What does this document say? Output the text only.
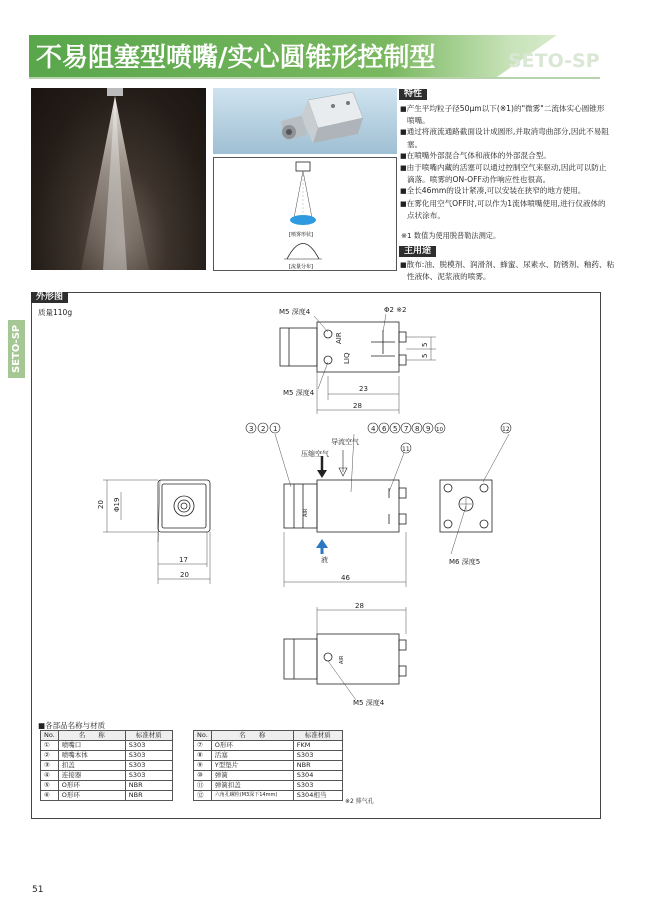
不易阻塞型喷嘴/实心圆锥形控制型	SETO-SP
SETO-SP
[喷雾形状]
[流量分布]
特性
■ 产生平均粒子径50µm以下(※1)的"微雾"二流体实心圆锥形喷嘴。
■ 通过将液流通路截面设计成圆形,并取消弯曲部分,因此不易阻塞。
■ 在喷嘴外部混合气体和液体的外部混合型。
■ 由于喷嘴内藏的活塞可以通过控制空气来驱动,因此可以防止滴落。喷雾的ON-OFF动作响应性也很高。
■ 全长46mm的设计紧凑,可以安装在狭窄的地方使用。
■ 在雾化用空气OFF时,可以作为1流体喷嘴使用,进行仅液体的点状涂布。
※1 数值为使用脱普勒法测定。
主用途
■ 散布:油、脱模剂、润滑剂、蜂蜜、尿素水、防锈剂、釉药、粘性液体、泥浆液的喷雾。
外形图
质量110g	M5 深度4	Φ2 ※2
M5 深度4
AIR
LIQ
5
5
23
28
3 2 1	4 6 5 7 8 9 10
11
12
导流空气
压缩空气
液
AIR
20 Φ19
17
20	46
M6 深度5
28
AIR
M5 深度4
■各部品名称与材质
No.	名　　称	标准材质
①	喷嘴口	S303
②	喷嘴本体	S303
③	扣盖	S303
④	连接器	S303
⑤	O形环	NBR
⑥	O形环	NBR
No.	名　　称	标准材质
⑦	O形环	FKM
⑧	活塞	S303
⑨	Y型垫片	NBR
⑩	弹簧	S304
⑪	弹簧扣盖	S303
⑫	六角孔螺栓(M3深下14mm)	S304相当
※2 排气孔
51
